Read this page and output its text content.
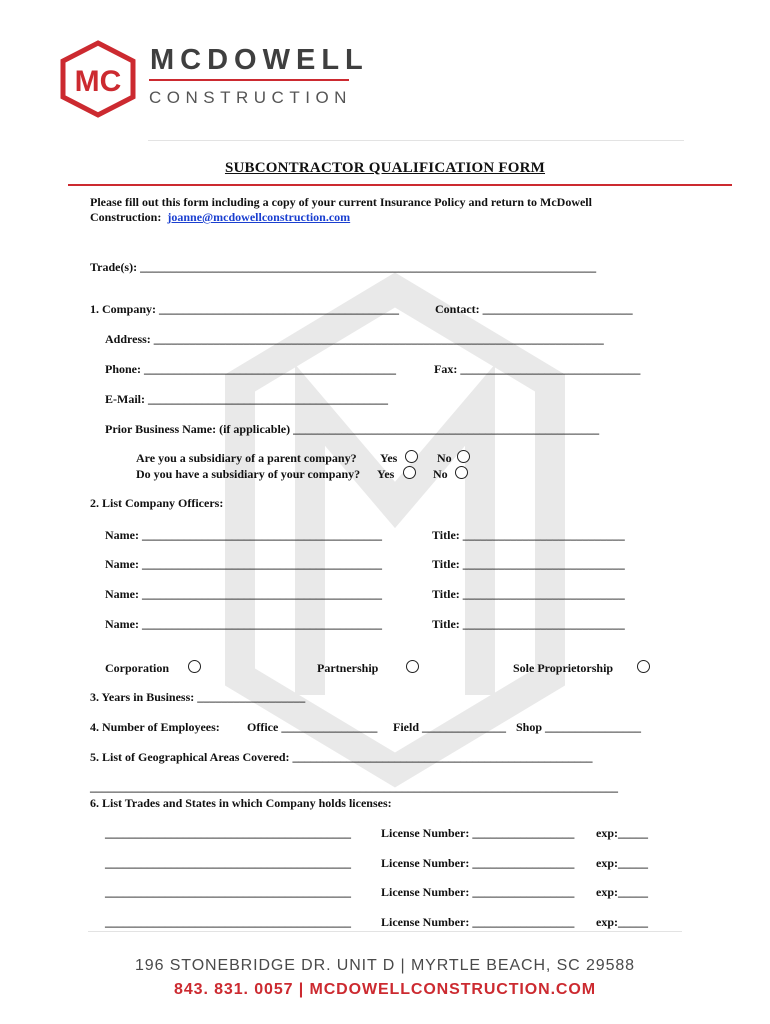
MC
MCDOWELL
CONSTRUCTION
SUBCONTRACTOR QUALIFICATION FORM
Please fill out this form including a copy of your current Insurance Policy and return to McDowell
Construction: joanne@mcdowellconstruction.com
Trade(s): ____________________________________________________________________________
1. Company: ________________________________________	Contact: _________________________
Address: ___________________________________________________________________________
Phone: __________________________________________	Fax: ______________________________
E-Mail: ________________________________________
Prior Business Name: (if applicable) ___________________________________________________
Are you a subsidiary of a parent company? Yes	No
Do you have a subsidiary of your company? Yes	No
2. List Company Officers:
Name: ________________________________________	Title: ___________________________
Name: ________________________________________	Title: ___________________________
Name: ________________________________________	Title: ___________________________
Name: ________________________________________	Title: ___________________________
Corporation	Partnership	Sole Proprietorship
3. Years in Business: __________________
4. Number of Employees: Office ________________ Field ______________ Shop ________________
5. List of Geographical Areas Covered: __________________________________________________
________________________________________________________________________________________
6. List Trades and States in which Company holds licenses:
_________________________________________	License Number: _________________ exp:_____
_________________________________________	License Number: _________________ exp:_____
_________________________________________	License Number: _________________ exp:_____
_________________________________________	License Number: _________________ exp:_____
196 STONEBRIDGE DR. UNIT D | MYRTLE BEACH, SC 29588
843. 831. 0057 | MCDOWELLCONSTRUCTION.COM
